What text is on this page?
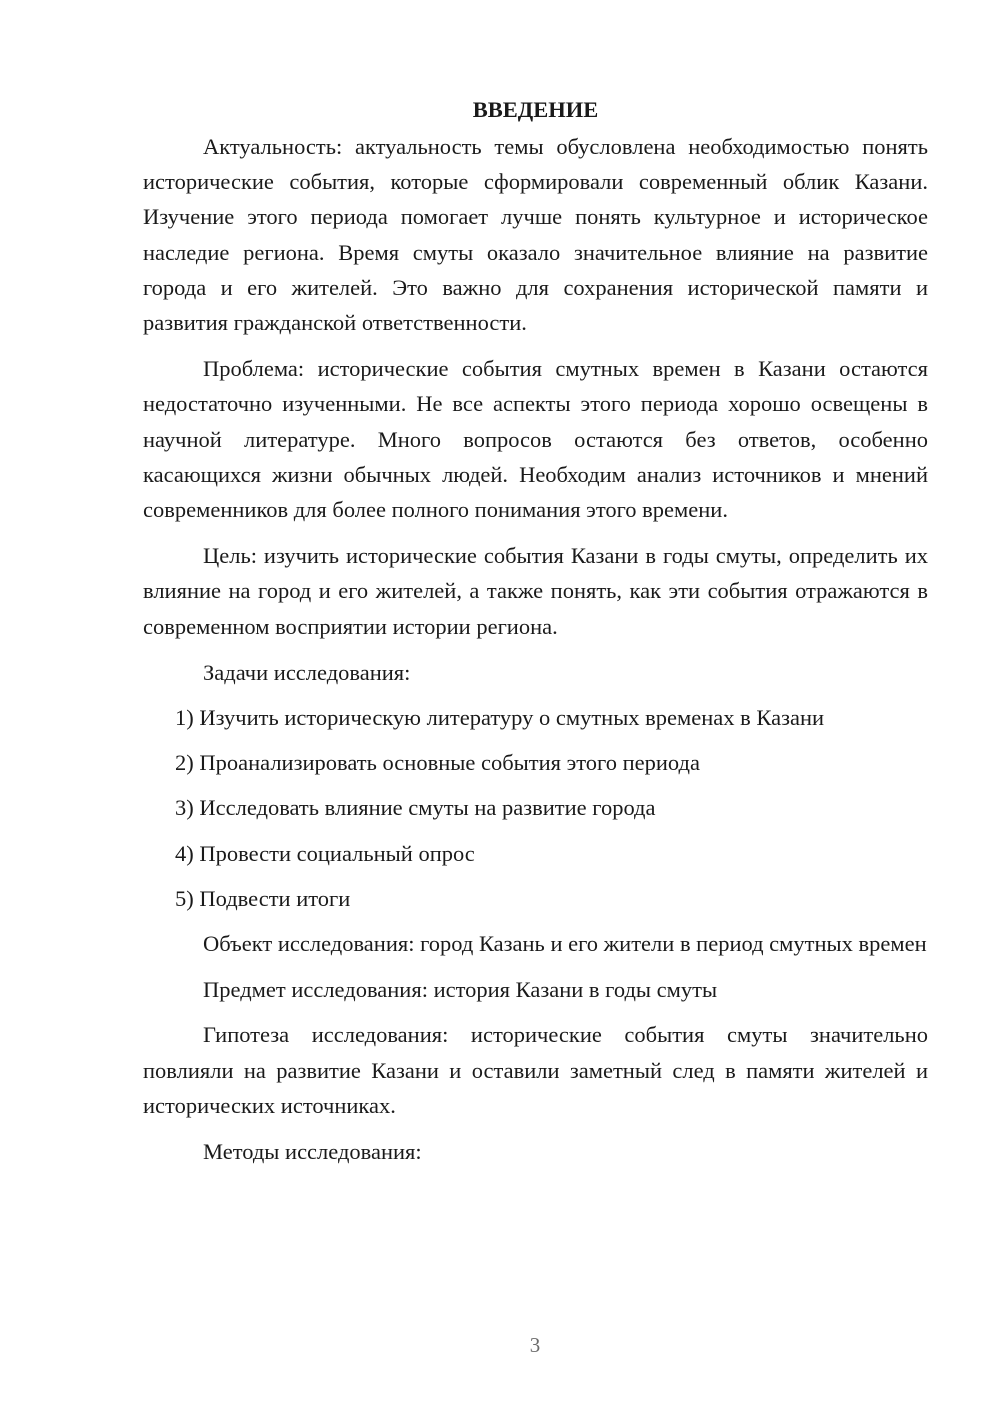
ВВЕДЕНИЕ

Актуальность: актуальность темы обусловлена необходимостью понять исторические события, которые сформировали современный облик Казани. Изучение этого периода помогает лучше понять культурное и историческое наследие региона. Время смуты оказало значительное влияние на развитие города и его жителей. Это важно для сохранения исторической памяти и развития гражданской ответственности.

Проблема: исторические события смутных времен в Казани остаются недостаточно изученными. Не все аспекты этого периода хорошо освещены в научной литературе. Много вопросов остаются без ответов, особенно касающихся жизни обычных людей. Необходим анализ источников и мнений современников для более полного понимания этого времени.

Цель: изучить исторические события Казани в годы смуты, определить их влияние на город и его жителей, а также понять, как эти события отражаются в современном восприятии истории региона.

Задачи исследования:

1) Изучить историческую литературу о смутных временах в Казани
2) Проанализировать основные события этого периода
3) Исследовать влияние смуты на развитие города
4) Провести социальный опрос
5) Подвести итоги

Объект исследования: город Казань и его жители в период смутных времен

Предмет исследования: история Казани в годы смуты

Гипотеза исследования: исторические события смуты значительно повлияли на развитие Казани и оставили заметный след в памяти жителей и исторических источниках.

Методы исследования:

3
